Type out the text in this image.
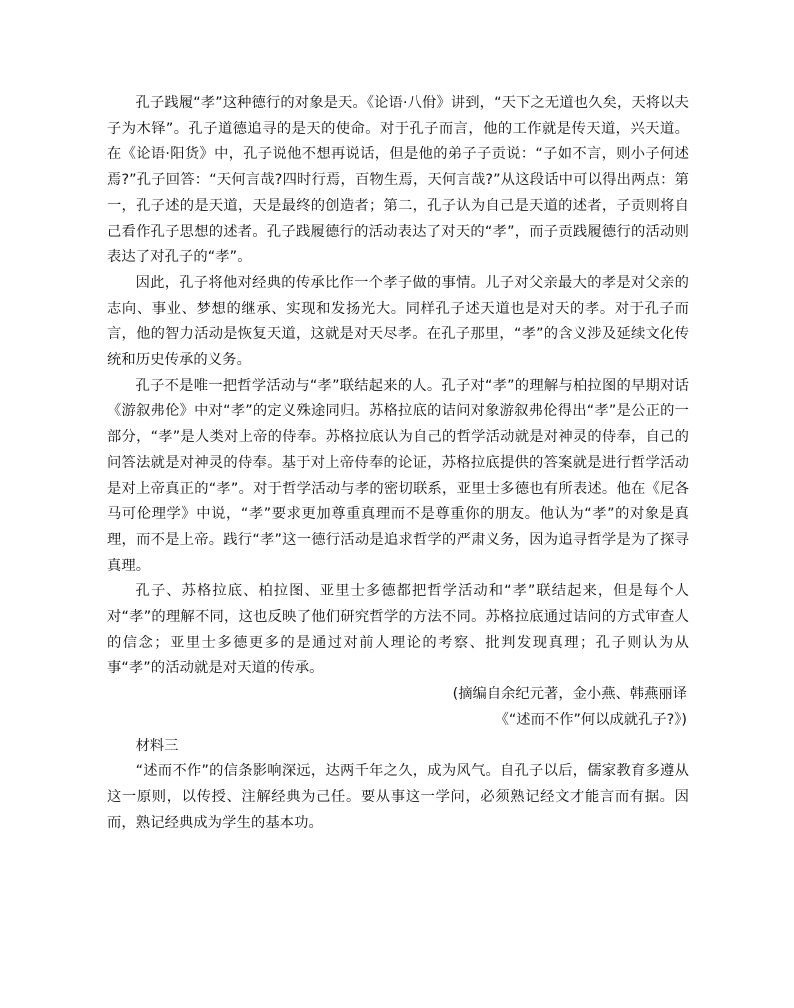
孔子践履“孝”这种德行的对象是天。《论语·八佾》讲到，“天下之无道也久矣，天将以夫子为木铎”。孔子道德追寻的是天的使命。对于孔子而言，他的工作就是传天道，兴天道。在《论语·阳货》中，孔子说他不想再说话，但是他的弟子子贡说：“子如不言，则小子何述焉?”孔子回答：“天何言哉?四时行焉，百物生焉，天何言哉?”从这段话中可以得出两点：第一，孔子述的是天道，天是最终的创造者；第二，孔子认为自己是天道的述者，子贡则将自己看作孔子思想的述者。孔子践履德行的活动表达了对天的“孝”，而子贡践履德行的活动则表达了对孔子的“孝”。

因此，孔子将他对经典的传承比作一个孝子做的事情。儿子对父亲最大的孝是对父亲的志向、事业、梦想的继承、实现和发扬光大。同样孔子述天道也是对天的孝。对于孔子而言，他的智力活动是恢复天道，这就是对天尽孝。在孔子那里，“孝”的含义涉及延续文化传统和历史传承的义务。

孔子不是唯一把哲学活动与“孝”联结起来的人。孔子对“孝”的理解与柏拉图的早期对话《游叙弗伦》中对“孝”的定义殊途同归。苏格拉底的诘问对象游叙弗伦得出“孝”是公正的一部分，“孝”是人类对上帝的侍奉。苏格拉底认为自己的哲学活动就是对神灵的侍奉，自己的问答法就是对神灵的侍奉。基于对上帝侍奉的论证，苏格拉底提供的答案就是进行哲学活动是对上帝真正的“孝”。对于哲学活动与孝的密切联系，亚里士多德也有所表述。他在《尼各马可伦理学》中说，“孝”要求更加尊重真理而不是尊重你的朋友。他认为“孝”的对象是真理，而不是上帝。践行“孝”这一德行活动是追求哲学的严肃义务，因为追寻哲学是为了探寻真理。

孔子、苏格拉底、柏拉图、亚里士多德都把哲学活动和“孝”联结起来，但是每个人对“孝”的理解不同，这也反映了他们研究哲学的方法不同。苏格拉底通过诘问的方式审查人的信念；亚里士多德更多的是通过对前人理论的考察、批判发现真理；孔子则认为从事“孝”的活动就是对天道的传承。

(摘编自余纪元著，金小燕、韩燕丽译

《“述而不作”何以成就孔子?》)

材料三

“述而不作”的信条影响深远，达两千年之久，成为风气。自孔子以后，儒家教育多遵从这一原则，以传授、注解经典为己任。要从事这一学问，必须熟记经文才能言而有据。因而，熟记经典成为学生的基本功。
